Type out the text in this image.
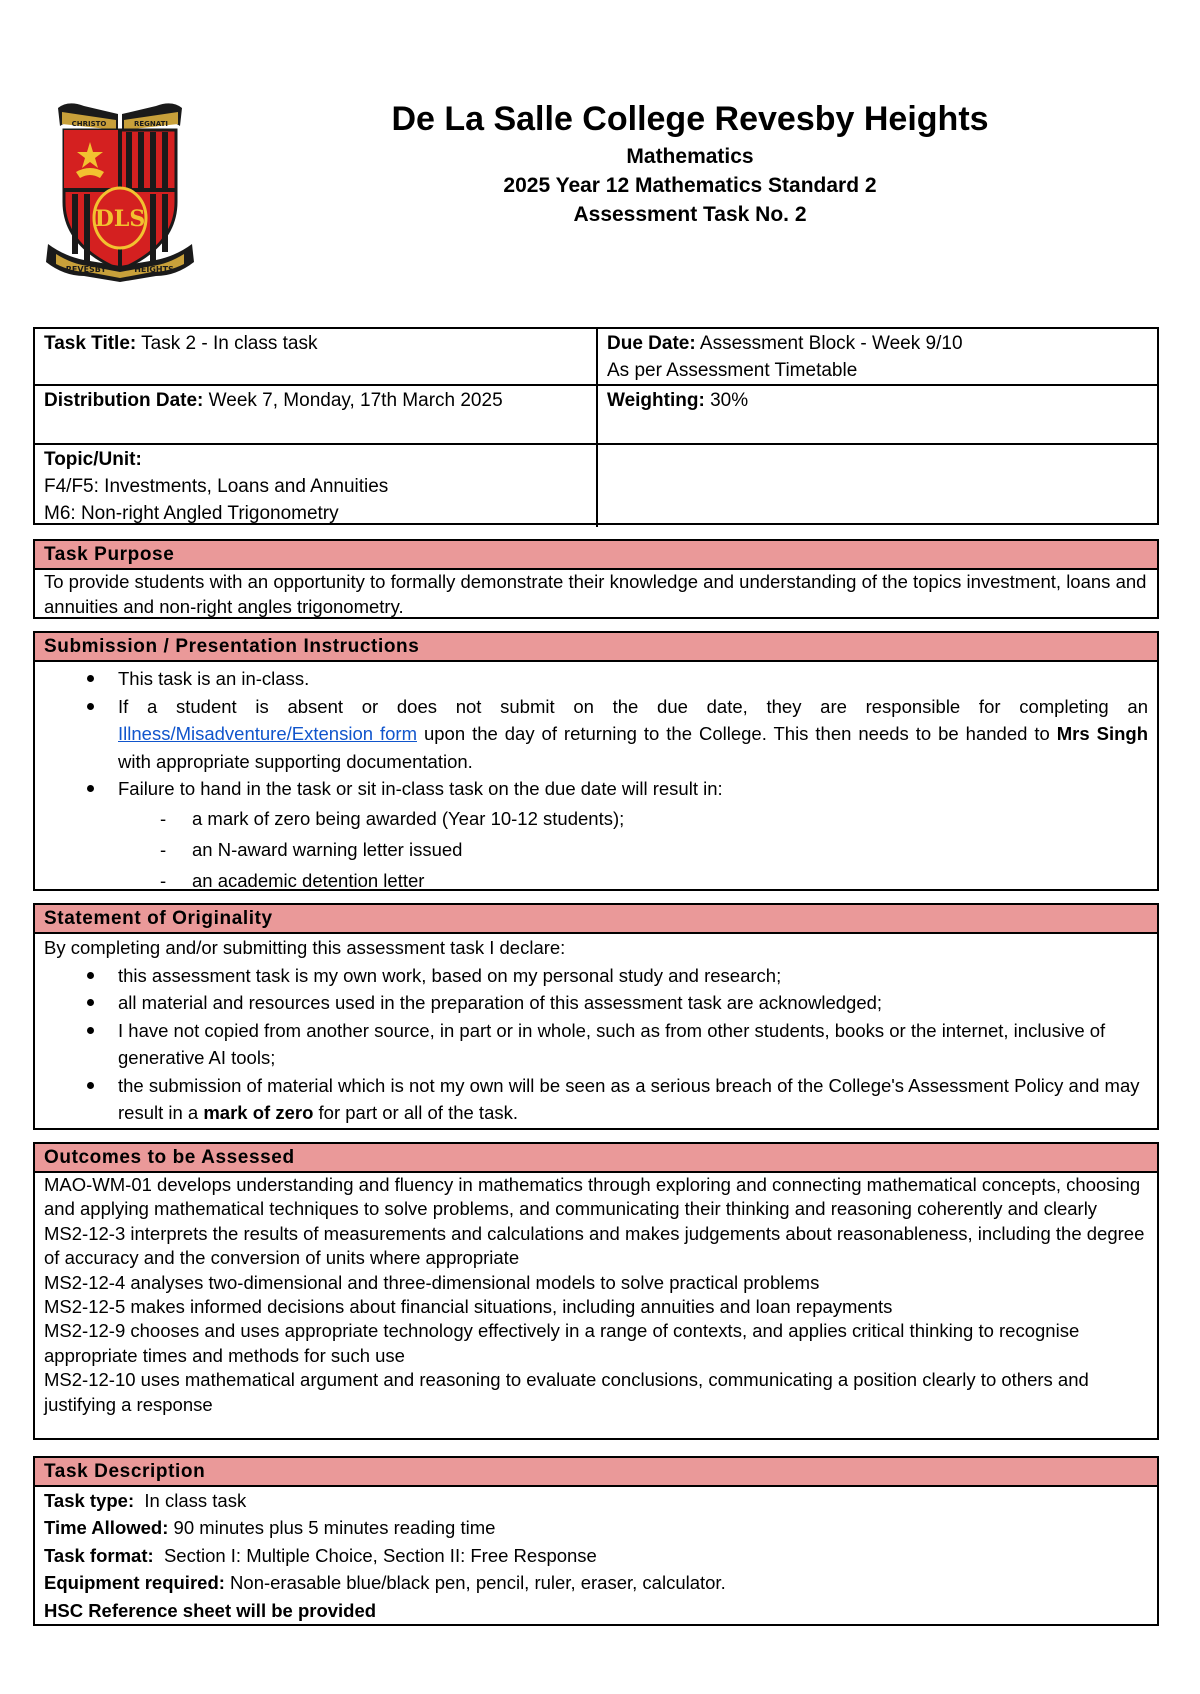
CHRISTO	REGNATI
DLS
REVESBY	HEIGHTS
De La Salle College Revesby Heights
Mathematics
2025 Year 12 Mathematics Standard 2
Assessment Task No. 2
Task Title: Task 2 - In class task	Due Date: Assessment Block - Week 9/10
As per Assessment Timetable
Distribution Date: Week 7, Monday, 17th March 2025	Weighting: 30%
Topic/Unit:
F4/F5: Investments, Loans and Annuities
M6: Non-right Angled Trigonometry
Task Purpose
To provide students with an opportunity to formally demonstrate their knowledge and understanding of the topics investment, loans and annuities and non-right angles trigonometry.
Submission / Presentation Instructions
This task is an in-class.
If a student is absent or does not submit on the due date, they are responsible for completing an Illness/Misadventure/Extension form upon the day of returning to the College. This then needs to be handed to Mrs Singh with appropriate supporting documentation.
Failure to hand in the task or sit in-class task on the due date will result in:
- a mark of zero being awarded (Year 10-12 students);
- an N-award warning letter issued
- an academic detention letter
Statement of Originality
By completing and/or submitting this assessment task I declare:
this assessment task is my own work, based on my personal study and research;
all material and resources used in the preparation of this assessment task are acknowledged;
I have not copied from another source, in part or in whole, such as from other students, books or the internet, inclusive of generative AI tools;
the submission of material which is not my own will be seen as a serious breach of the College's Assessment Policy and may result in a mark of zero for part or all of the task.
Outcomes to be Assessed
MAO-WM-01 develops understanding and fluency in mathematics through exploring and connecting mathematical concepts, choosing and applying mathematical techniques to solve problems, and communicating their thinking and reasoning coherently and clearly
MS2-12-3 interprets the results of measurements and calculations and makes judgements about reasonableness, including the degree of accuracy and the conversion of units where appropriate
MS2-12-4 analyses two-dimensional and three-dimensional models to solve practical problems
MS2-12-5 makes informed decisions about financial situations, including annuities and loan repayments
MS2-12-9 chooses and uses appropriate technology effectively in a range of contexts, and applies critical thinking to recognise appropriate times and methods for such use
MS2-12-10 uses mathematical argument and reasoning to evaluate conclusions, communicating a position clearly to others and justifying a response
Task Description
Task type: In class task
Time Allowed: 90 minutes plus 5 minutes reading time
Task format: Section I: Multiple Choice, Section II: Free Response
Equipment required: Non-erasable blue/black pen, pencil, ruler, eraser, calculator.
HSC Reference sheet will be provided
